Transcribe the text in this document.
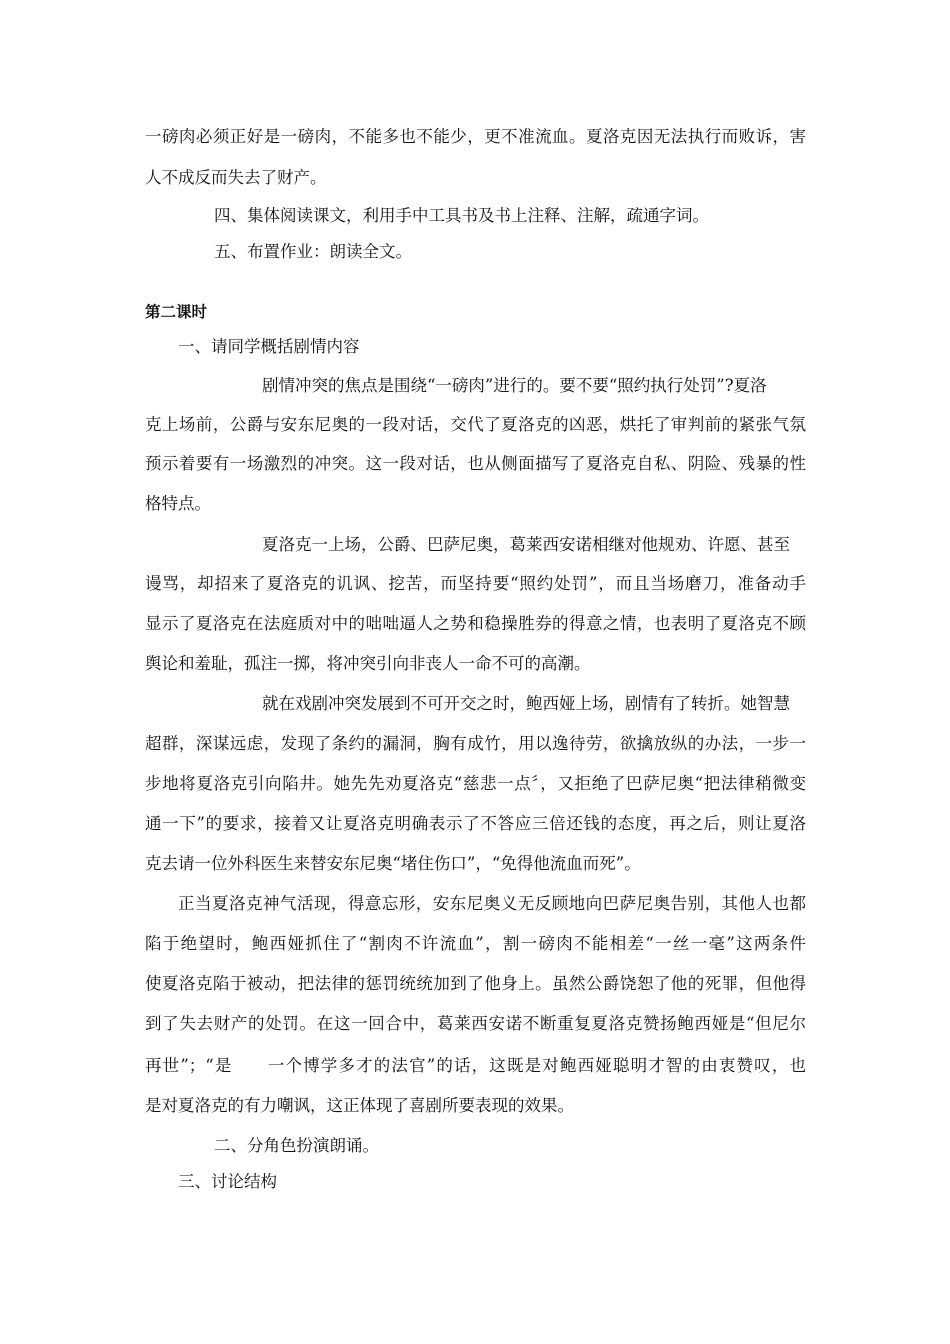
一磅肉必须正好是一磅肉，不能多也不能少，更不准流血。夏洛克因无法执行而败诉，害
人不成反而失去了财产。
四、集体阅读课文，利用手中工具书及书上注释、注解，疏通字词。
五、布置作业：朗读全文。
第二课时
一、请同学概括剧情内容
剧情冲突的焦点是围绕“一磅肉”进行的。要不要“照约执行处罚”?夏洛
克上场前，公爵与安东尼奥的一段对话，交代了夏洛克的凶恶，烘托了审判前的紧张气氛
预示着要有一场激烈的冲突。这一段对话，也从侧面描写了夏洛克自私、阴险、残暴的性
格特点。
夏洛克一上场，公爵、巴萨尼奥，葛莱西安诺相继对他规劝、许愿、甚至
谩骂，却招来了夏洛克的讥讽、挖苦，而坚持要“照约处罚”，而且当场磨刀，准备动手
显示了夏洛克在法庭质对中的咄咄逼人之势和稳操胜券的得意之情，也表明了夏洛克不顾
舆论和羞耻，孤注一掷，将冲突引向非丧人一命不可的高潮。
就在戏剧冲突发展到不可开交之时，鲍西娅上场，剧情有了转折。她智慧
超群，深谋远虑，发现了条约的漏洞，胸有成竹，用以逸待劳，欲擒放纵的办法，一步一
步地将夏洛克引向陷井。她先先劝夏洛克“慈悲一点〞，又拒绝了巴萨尼奥“把法律稍微变
通一下”的要求，接着又让夏洛克明确表示了不答应三倍还钱的态度，再之后，则让夏洛
克去请一位外科医生来替安东尼奥“堵住伤口”，“免得他流血而死”。
正当夏洛克神气活现，得意忘形，安东尼奥义无反顾地向巴萨尼奥告别，其他人也都
陷于绝望时，鲍西娅抓住了“割肉不许流血”，割一磅肉不能相差“一丝一毫”这两条件
使夏洛克陷于被动，把法律的惩罚统统加到了他身上。虽然公爵饶恕了他的死罪，但他得
到了失去财产的处罚。在这一回合中，葛莱西安诺不断重复夏洛克赞扬鲍西娅是“但尼尔
再世”；“是　　一个博学多才的法官”的话，这既是对鲍西娅聪明才智的由衷赞叹，也
是对夏洛克的有力嘲讽，这正体现了喜剧所要表现的效果。
二、分角色扮演朗诵。
三、讨论结构
